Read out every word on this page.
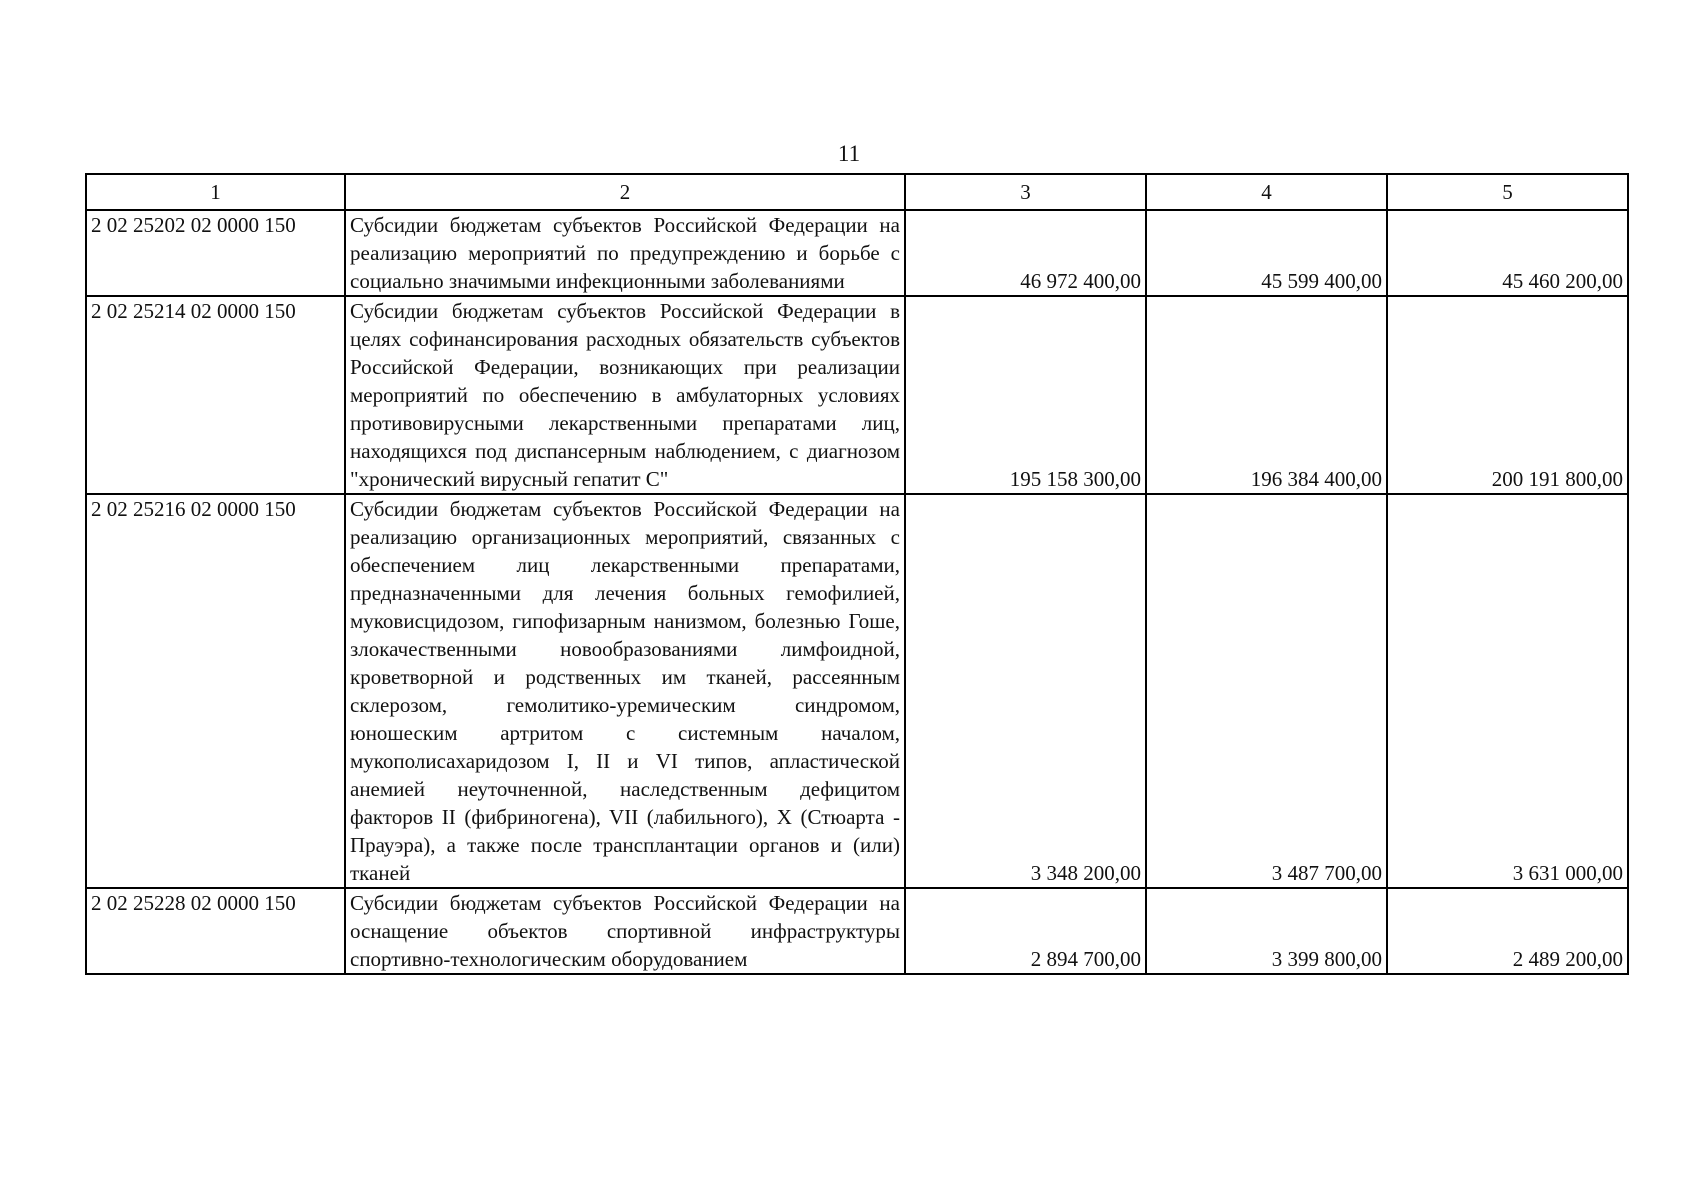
11
1	2	3	4	5
2 02 25202 02 0000 150	Субсидии бюджетам субъектов Российской Федерации на реализацию мероприятий по предупреждению и борьбе с социально значимыми инфекционными заболеваниями	46 972 400,00	45 599 400,00	45 460 200,00
2 02 25214 02 0000 150	Субсидии бюджетам субъектов Российской Федерации в целях софинансирования расходных обязательств субъектов Российской Федерации, возникающих при реализации мероприятий по обеспечению в амбулаторных условиях противовирусными лекарственными препаратами лиц, находящихся под диспансерным наблюдением, с диагнозом "хронический вирусный гепатит С"	195 158 300,00	196 384 400,00	200 191 800,00
2 02 25216 02 0000 150	Субсидии бюджетам субъектов Российской Федерации на реализацию организационных мероприятий, связанных с обеспечением лиц лекарственными препаратами, предназначенными для лечения больных гемофилией, муковисцидозом, гипофизарным нанизмом, болезнью Гоше, злокачественными новообразованиями лимфоидной, кроветворной и родственных им тканей, рассеянным склерозом, гемолитико-уремическим синдромом, юношеским артритом с системным началом, мукополисахаридозом I, II и VI типов, апластической анемией неуточненной, наследственным дефицитом факторов II (фибриногена), VII (лабильного), X (Стюарта - Прауэра), а также после трансплантации органов и (или) тканей	3 348 200,00	3 487 700,00	3 631 000,00
2 02 25228 02 0000 150	Субсидии бюджетам субъектов Российской Федерации на оснащение объектов спортивной инфраструктуры спортивно-технологическим оборудованием	2 894 700,00	3 399 800,00	2 489 200,00
